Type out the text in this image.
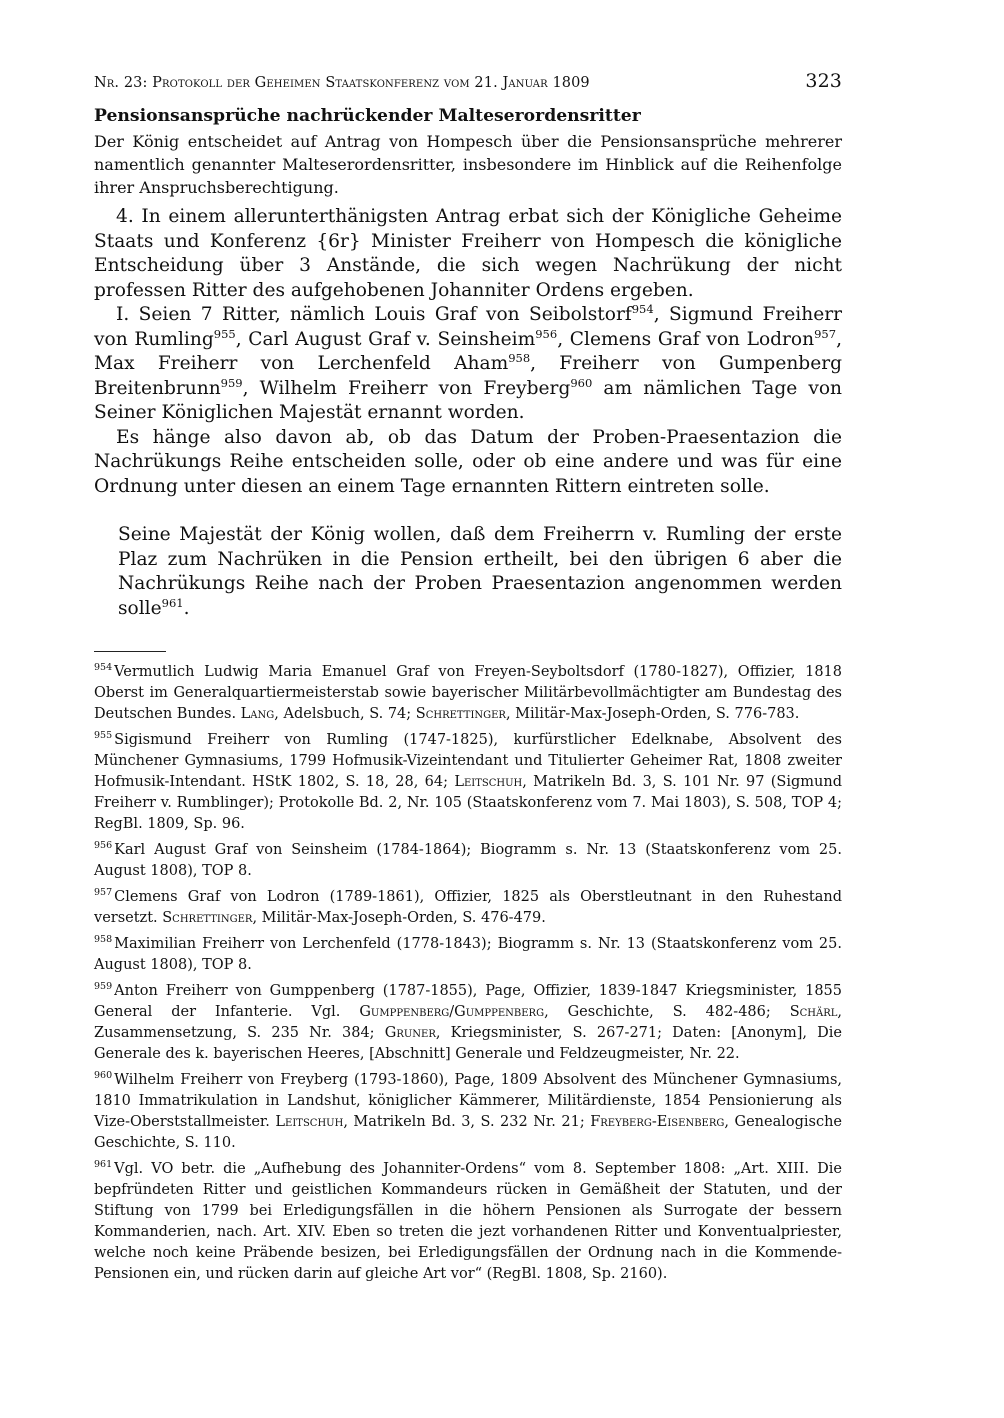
Nr. 23: Protokoll der Geheimen Staatskonferenz vom 21. Januar 1809	323
Pensionsansprüche nachrückender Malteserordensritter
Der König entscheidet auf Antrag von Hompesch über die Pensionsansprüche mehrerer namentlich genannter Malteserordensritter, insbesondere im Hinblick auf die Reihenfolge ihrer Anspruchsberechtigung.

4. In einem allerunterthänigsten Antrag erbat sich der Königliche Geheime Staats und Konferenz {6r} Minister Freiherr von Hompesch die königliche Entscheidung über 3 Anstände, die sich wegen Nachrükung der nicht professen Ritter des aufgehobenen Johanniter Ordens ergeben.

I. Seien 7 Ritter, nämlich Louis Graf von Seibolstorf$^{954}$, Sigmund Freiherr von Rumling$^{955}$, Carl August Graf v. Seinsheim$^{956}$, Clemens Graf von Lodron$^{957}$, Max Freiherr von Lerchenfeld Aham$^{958}$, Freiherr von Gumpenberg Breitenbrunn$^{959}$, Wilhelm Freiherr von Freyberg$^{960}$ am nämlichen Tage von Seiner Königlichen Majestät ernannt worden.

Es hänge also davon ab, ob das Datum der Proben-Praesentazion die Nachrükungs Reihe entscheiden solle, oder ob eine andere und was für eine Ordnung unter diesen an einem Tage ernannten Rittern eintreten solle.

Seine Majestät der König wollen, daß dem Freiherrn v. Rumling der erste Plaz zum Nachrüken in die Pension ertheilt, bei den übrigen 6 aber die Nachrükungs Reihe nach der Proben Praesentazion angenommen werden solle$^{961}$.
$^{954}$ Vermutlich Ludwig Maria Emanuel Graf von Freyen-Seyboltsdorf (1780-1827), Offizier, 1818 Oberst im Generalquartiermeisterstab sowie bayerischer Militärbevollmächtigter am Bundestag des Deutschen Bundes. Lang, Adelsbuch, S. 74; Schrettinger, Militär-Max-Joseph-Orden, S. 776-783.
$^{955}$ Sigismund Freiherr von Rumling (1747-1825), kurfürstlicher Edelknabe, Absolvent des Münchener Gymnasiums, 1799 Hofmusik-Vizeintendant und Titulierter Geheimer Rat, 1808 zweiter Hofmusik-Intendant. HStK 1802, S. 18, 28, 64; Leitschuh, Matrikeln Bd. 3, S. 101 Nr. 97 (Sigmund Freiherr v. Rumblinger); Protokolle Bd. 2, Nr. 105 (Staatskonferenz vom 7. Mai 1803), S. 508, TOP 4; RegBl. 1809, Sp. 96.
$^{956}$ Karl August Graf von Seinsheim (1784-1864); Biogramm s. Nr. 13 (Staatskonferenz vom 25. August 1808), TOP 8.
$^{957}$ Clemens Graf von Lodron (1789-1861), Offizier, 1825 als Oberstleutnant in den Ruhestand versetzt. Schrettinger, Militär-Max-Joseph-Orden, S. 476-479.
$^{958}$ Maximilian Freiherr von Lerchenfeld (1778-1843); Biogramm s. Nr. 13 (Staatskonferenz vom 25. August 1808), TOP 8.
$^{959}$ Anton Freiherr von Gumppenberg (1787-1855), Page, Offizier, 1839-1847 Kriegsminister, 1855 General der Infanterie. Vgl. Gumppenberg/Gumppenberg, Geschichte, S. 482-486; Schärl, Zusammensetzung, S. 235 Nr. 384; Gruner, Kriegsminister, S. 267-271; Daten: [Anonym], Die Generale des k. bayerischen Heeres, [Abschnitt] Generale und Feldzeugmeister, Nr. 22.
$^{960}$ Wilhelm Freiherr von Freyberg (1793-1860), Page, 1809 Absolvent des Münchener Gymnasiums, 1810 Immatrikulation in Landshut, königlicher Kämmerer, Militärdienste, 1854 Pensionierung als Vize-Oberststallmeister. Leitschuh, Matrikeln Bd. 3, S. 232 Nr. 21; Freyberg-Eisenberg, Genealogische Geschichte, S. 110.
$^{961}$ Vgl. VO betr. die „Aufhebung des Johanniter-Ordens“ vom 8. September 1808: „Art. XIII. Die bepfründeten Ritter und geistlichen Kommandeurs rücken in Gemäßheit der Statuten, und der Stiftung von 1799 bei Erledigungsfällen in die höhern Pensionen als Surrogate der bessern Kommanderien, nach. Art. XIV. Eben so treten die jezt vorhandenen Ritter und Konventualpriester, welche noch keine Präbende besizen, bei Erledigungsfällen der Ordnung nach in die Kommende-Pensionen ein, und rücken darin auf gleiche Art vor“ (RegBl. 1808, Sp. 2160).
